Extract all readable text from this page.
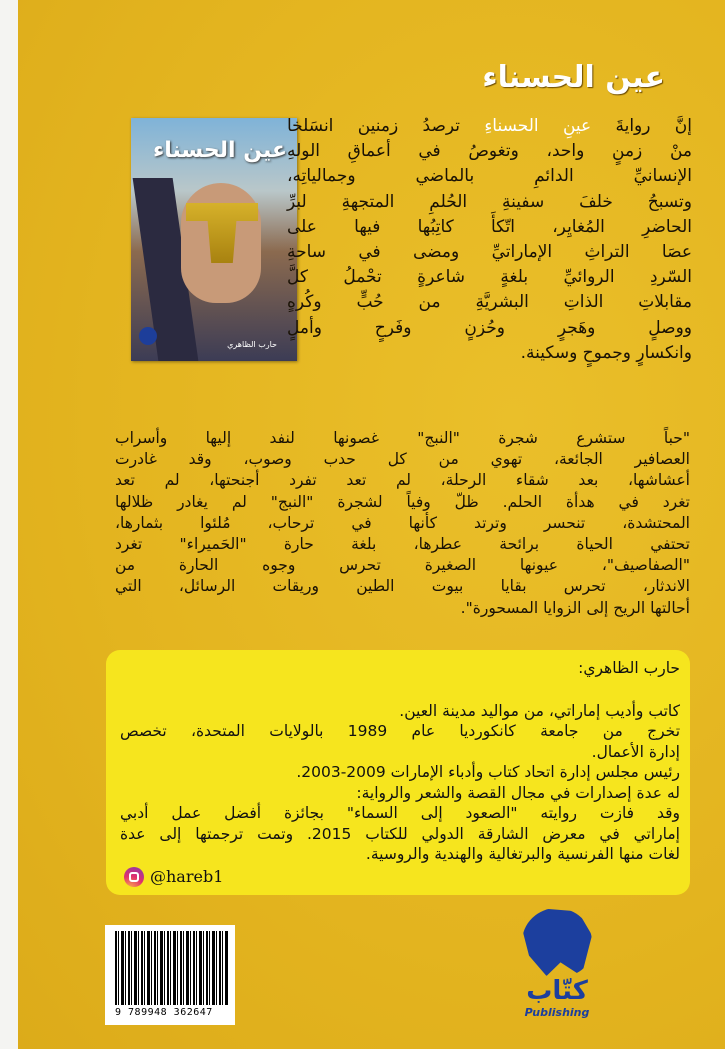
عين الحسناء
عين الحسناء
حارب الظاهري
إنَّ روايةَ عينِ الحسناءِ ترصدُ زمنين انسَلخا
منْ زمنٍ واحد، وتغوصُ في أعماقِ الولهِ
الإنسانيِّ الدائمِ بالماضي وجمالياتِه،
وتسبحُ خلفَ سفينةِ الحُلمِ المتجهةِ لبرِّ
الحاضرِ المُغايِر، اتّكأَ كاتِبُها فيها على
عصَا التراثِ الإماراتيِّ ومضى في ساحةِ
السّردِ الروائيِّ بلغةٍ شاعرةٍ تحْملُ كلَّ
مقابلاتِ الذاتِ البشريَّةِ من حُبٍّ وكُرهٍ
ووصلٍ وهَجرٍ وحُزنٍ وفَرحٍ وأملٍ
وانكسارٍ وجموحٍ وسكينة.
"حباً ستشرع شجرة "النبج" غصونها لنفد إليها وأسراب
العصافير الجائعة، تهوي من كل حدب وصوب، وقد غادرت
أعشاشها، بعد شقاء الرحلة، لم تعد تفرد أجنحتها، لم تعد
تغرد في هدأة الحلم. ظلّ وفياً لشجرة "النبج" لم يغادر ظلالها
المحتشدة، تنحسر وترتد كأنها في ترحاب، مُلئوا بثمارها،
تحتفي الحياة برائحة عطرها، بلغة حارة "الحَميراء" تغرد
"الصفاصيف"، عيونها الصغيرة تحرس وجوه الحارة من
الاندثار، تحرس بقايا بيوت الطين وريقات الرسائل، التي
أحالتها الريح إلى الزوايا المسحورة".
حارب الظاهري:
كاتب وأديب إماراتي، من مواليد مدينة العين.
تخرج من جامعة كانكورديا عام 1989 بالولايات المتحدة، تخصص
إدارة الأعمال.
رئيس مجلس إدارة اتحاد كتاب وأدباء الإمارات 2009-2003.
له عدة إصدارات في مجال القصة والشعر والرواية:
وقد فازت روايته "الصعود إلى السماء" بجائزة أفضل عمل أدبي
إماراتي في معرض الشارقة الدولي للكتاب 2015. وتمت ترجمتها إلى عدة
لغات منها الفرنسية والبرتغالية والهندية والروسية.
@hareb1
9 789948 362647
كتّاب
Publishing
